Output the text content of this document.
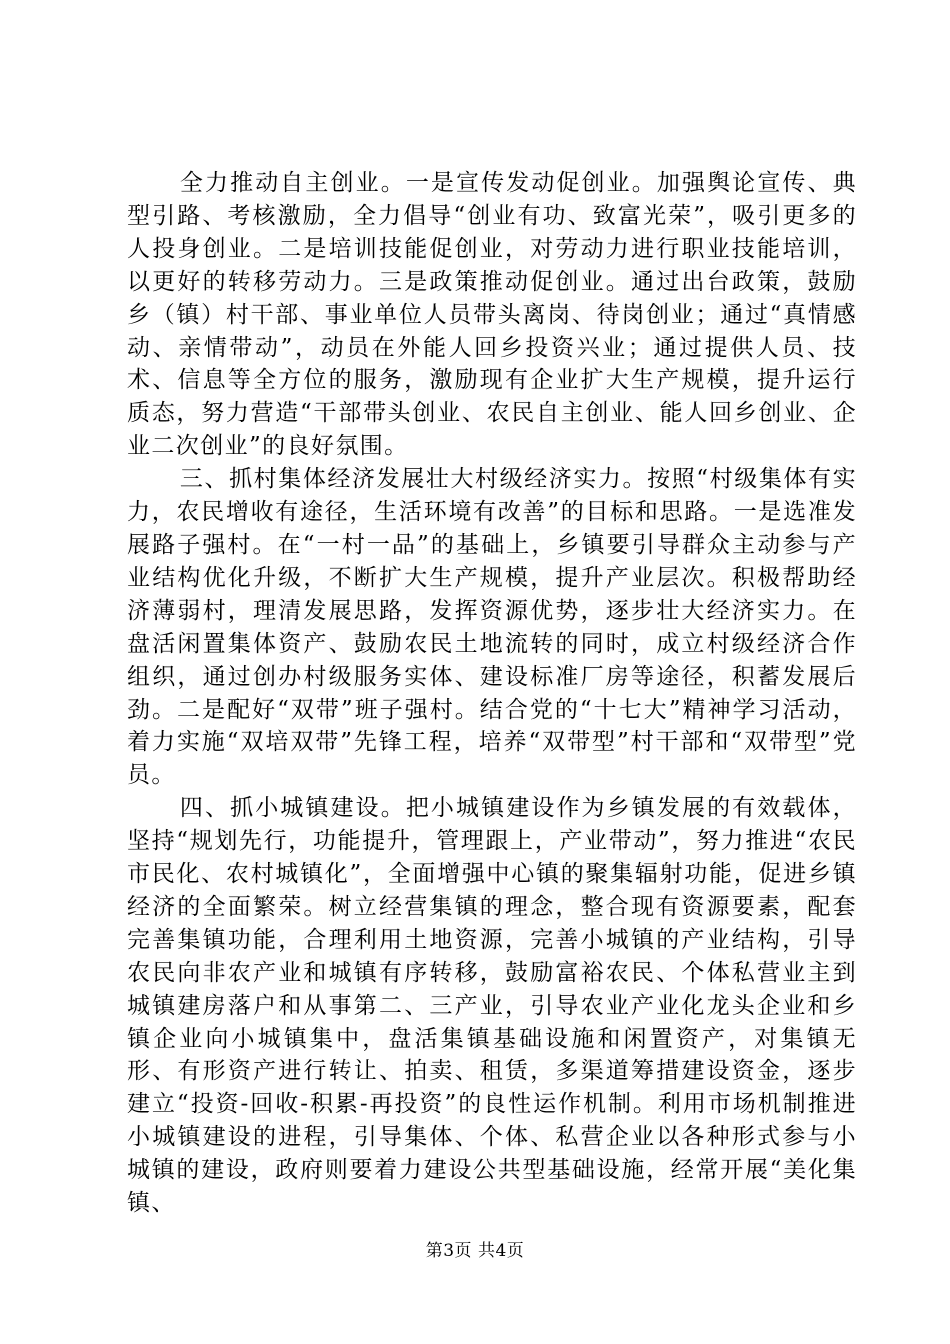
全力推动自主创业。一是宣传发动促创业。加强舆论宣传、典型引路、考核激励，全力倡导“创业有功、致富光荣”，吸引更多的人投身创业。二是培训技能促创业，对劳动力进行职业技能培训，以更好的转移劳动力。三是政策推动促创业。通过出台政策，鼓励乡（镇）村干部、事业单位人员带头离岗、待岗创业；通过“真情感动、亲情带动”，动员在外能人回乡投资兴业；通过提供人员、技术、信息等全方位的服务，激励现有企业扩大生产规模，提升运行质态，努力营造“干部带头创业、农民自主创业、能人回乡创业、企业二次创业”的良好氛围。

三、抓村集体经济发展壮大村级经济实力。按照“村级集体有实力，农民增收有途径，生活环境有改善”的目标和思路。一是选准发展路子强村。在“一村一品”的基础上，乡镇要引导群众主动参与产业结构优化升级，不断扩大生产规模，提升产业层次。积极帮助经济薄弱村，理清发展思路，发挥资源优势，逐步壮大经济实力。在盘活闲置集体资产、鼓励农民土地流转的同时，成立村级经济合作组织，通过创办村级服务实体、建设标准厂房等途径，积蓄发展后劲。二是配好“双带”班子强村。结合党的“十七大”精神学习活动，着力实施“双培双带”先锋工程，培养“双带型”村干部和“双带型”党员。

四、抓小城镇建设。把小城镇建设作为乡镇发展的有效载体，坚持“规划先行，功能提升，管理跟上，产业带动”，努力推进“农民市民化、农村城镇化”，全面增强中心镇的聚集辐射功能，促进乡镇经济的全面繁荣。树立经营集镇的理念，整合现有资源要素，配套完善集镇功能，合理利用土地资源，完善小城镇的产业结构，引导农民向非农产业和城镇有序转移，鼓励富裕农民、个体私营业主到城镇建房落户和从事第二、三产业，引导农业产业化龙头企业和乡镇企业向小城镇集中，盘活集镇基础设施和闲置资产，对集镇无形、有形资产进行转让、拍卖、租赁，多渠道筹措建设资金，逐步建立“投资-回收-积累-再投资”的良性运作机制。利用市场机制推进小城镇建设的进程，引导集体、个体、私营企业以各种形式参与小城镇的建设，政府则要着力建设公共型基础设施，经常开展“美化集镇、

第3页 共4页
